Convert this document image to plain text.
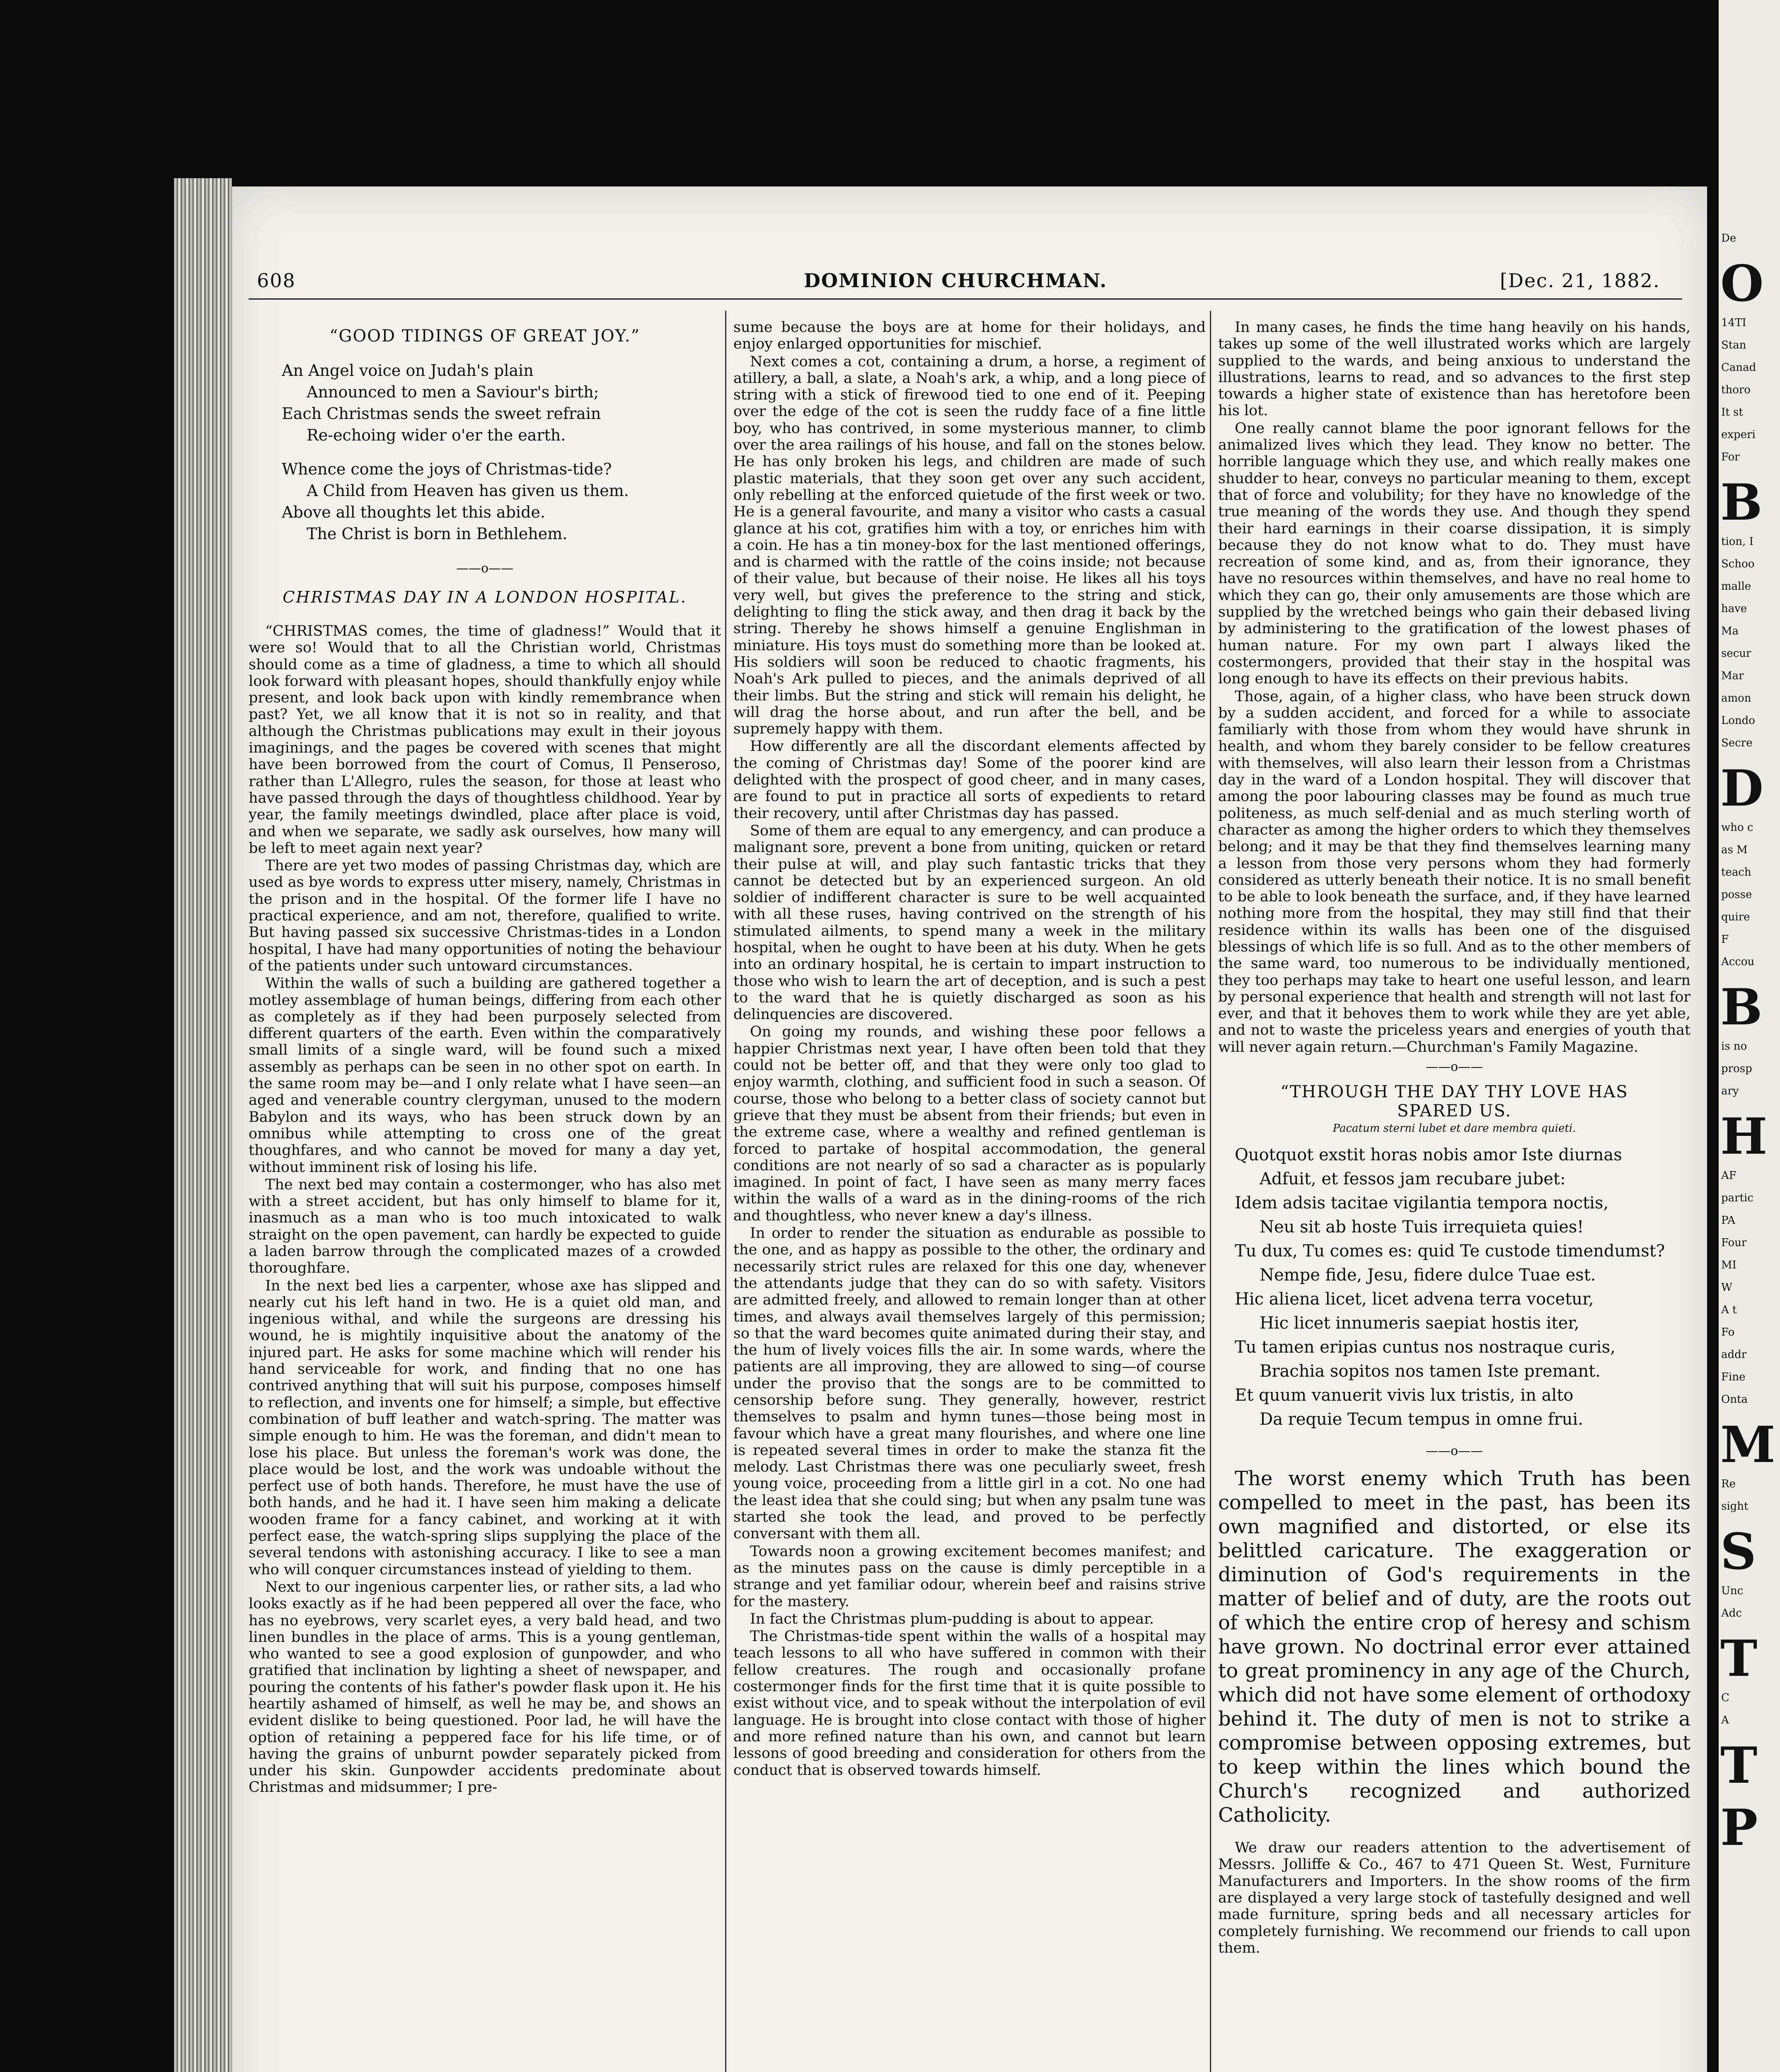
608	DOMINION CHURCHMAN.	[Dec. 21, 1882.
“GOOD TIDINGS OF GREAT JOY.”
An Angel voice on Judah's plain
Announced to men a Saviour's birth;
Each Christmas sends the sweet refrain
Re-echoing wider o'er the earth.
Whence come the joys of Christmas-tide?
A Child from Heaven has given us them.
Above all thoughts let this abide.
The Christ is born in Bethlehem.
——o——
CHRISTMAS DAY IN A LONDON HOSPITAL.

“CHRISTMAS comes, the time of gladness!” Would that it were so! Would that to all the Christian world, Christmas should come as a time of gladness, a time to which all should look forward with pleasant hopes, should thankfully enjoy while present, and look back upon with kindly remembrance when past? Yet, we all know that it is not so in reality, and that although the Christmas publications may exult in their joyous imaginings, and the pages be covered with scenes that might have been borrowed from the court of Comus, Il Penseroso, rather than L'Allegro, rules the season, for those at least who have passed through the days of thoughtless childhood. Year by year, the family meetings dwindled, place after place is void, and when we separate, we sadly ask ourselves, how many will be left to meet again next year?

There are yet two modes of passing Christmas day, which are used as bye words to express utter misery, namely, Christmas in the prison and in the hospital. Of the former life I have no practical experience, and am not, therefore, qualified to write. But having passed six successive Christmas-tides in a London hospital, I have had many opportunities of noting the behaviour of the patients under such untoward circumstances.

Within the walls of such a building are gathered together a motley assemblage of human beings, differing from each other as completely as if they had been purposely selected from different quarters of the earth. Even within the comparatively small limits of a single ward, will be found such a mixed assembly as perhaps can be seen in no other spot on earth. In the same room may be—and I only relate what I have seen—an aged and venerable country clergyman, unused to the modern Babylon and its ways, who has been struck down by an omnibus while attempting to cross one of the great thoughfares, and who cannot be moved for many a day yet, without imminent risk of losing his life.

The next bed may contain a costermonger, who has also met with a street accident, but has only himself to blame for it, inasmuch as a man who is too much intoxicated to walk straight on the open pavement, can hardly be expected to guide a laden barrow through the complicated mazes of a crowded thoroughfare.

In the next bed lies a carpenter, whose axe has slipped and nearly cut his left hand in two. He is a quiet old man, and ingenious withal, and while the surgeons are dressing his wound, he is mightily inquisitive about the anatomy of the injured part. He asks for some machine which will render his hand serviceable for work, and finding that no one has contrived anything that will suit his purpose, composes himself to reflection, and invents one for himself; a simple, but effective combination of buff leather and watch-spring. The matter was simple enough to him. He was the foreman, and didn't mean to lose his place. But unless the foreman's work was done, the place would be lost, and the work was undoable without the perfect use of both hands. Therefore, he must have the use of both hands, and he had it. I have seen him making a delicate wooden frame for a fancy cabinet, and working at it with perfect ease, the watch-spring slips supplying the place of the several tendons with astonishing accuracy. I like to see a man who will conquer circumstances instead of yielding to them.

Next to our ingenious carpenter lies, or rather sits, a lad who looks exactly as if he had been peppered all over the face, who has no eyebrows, very scarlet eyes, a very bald head, and two linen bundles in the place of arms. This is a young gentleman, who wanted to see a good explosion of gunpowder, and who gratified that inclination by lighting a sheet of newspaper, and pouring the contents of his father's powder flask upon it. He his heartily ashamed of himself, as well he may be, and shows an evident dislike to being questioned. Poor lad, he will have the option of retaining a peppered face for his life time, or of having the grains of unburnt powder separately picked from under his skin. Gunpowder accidents predominate about Christmas and midsummer; I pre-

sume because the boys are at home for their holidays, and enjoy enlarged opportunities for mischief.

Next comes a cot, containing a drum, a horse, a regiment of atillery, a ball, a slate, a Noah's ark, a whip, and a long piece of string with a stick of firewood tied to one end of it. Peeping over the edge of the cot is seen the ruddy face of a fine little boy, who has contrived, in some mysterious manner, to climb over the area railings of his house, and fall on the stones below. He has only broken his legs, and children are made of such plastic materials, that they soon get over any such accident, only rebelling at the enforced quietude of the first week or two. He is a general favourite, and many a visitor who casts a casual glance at his cot, gratifies him with a toy, or enriches him with a coin. He has a tin money-box for the last mentioned offerings, and is charmed with the rattle of the coins inside; not because of their value, but because of their noise. He likes all his toys very well, but gives the preference to the string and stick, delighting to fling the stick away, and then drag it back by the string. Thereby he shows himself a genuine Englishman in miniature. His toys must do something more than be looked at. His soldiers will soon be reduced to chaotic fragments, his Noah's Ark pulled to pieces, and the animals deprived of all their limbs. But the string and stick will remain his delight, he will drag the horse about, and run after the bell, and be supremely happy with them.

How differently are all the discordant elements affected by the coming of Christmas day! Some of the poorer kind are delighted with the prospect of good cheer, and in many cases, are found to put in practice all sorts of expedients to retard their recovery, until after Christmas day has passed.

Some of them are equal to any emergency, and can produce a malignant sore, prevent a bone from uniting, quicken or retard their pulse at will, and play such fantastic tricks that they cannot be detected but by an experienced surgeon. An old soldier of indifferent character is sure to be well acquainted with all these ruses, having contrived on the strength of his stimulated ailments, to spend many a week in the military hospital, when he ought to have been at his duty. When he gets into an ordinary hospital, he is certain to impart instruction to those who wish to learn the art of deception, and is such a pest to the ward that he is quietly discharged as soon as his delinquencies are discovered.

On going my rounds, and wishing these poor fellows a happier Christmas next year, I have often been told that they could not be better off, and that they were only too glad to enjoy warmth, clothing, and sufficient food in such a season. Of course, those who belong to a better class of society cannot but grieve that they must be absent from their friends; but even in the extreme case, where a wealthy and refined gentleman is forced to partake of hospital accommodation, the general conditions are not nearly of so sad a character as is popularly imagined. In point of fact, I have seen as many merry faces within the walls of a ward as in the dining-rooms of the rich and thoughtless, who never knew a day's illness.

In order to render the situation as endurable as possible to the one, and as happy as possible to the other, the ordinary and necessarily strict rules are relaxed for this one day, whenever the attendants judge that they can do so with safety. Visitors are admitted freely, and allowed to remain longer than at other times, and always avail themselves largely of this permission; so that the ward becomes quite animated during their stay, and the hum of lively voices fills the air. In some wards, where the patients are all improving, they are allowed to sing—of course under the proviso that the songs are to be committed to censorship before sung. They generally, however, restrict themselves to psalm and hymn tunes—those being most in favour which have a great many flourishes, and where one line is repeated several times in order to make the stanza fit the melody. Last Christmas there was one peculiarly sweet, fresh young voice, proceeding from a little girl in a cot. No one had the least idea that she could sing; but when any psalm tune was started she took the lead, and proved to be perfectly conversant with them all.

Towards noon a growing excitement becomes manifest; and as the minutes pass on the cause is dimly perceptible in a strange and yet familiar odour, wherein beef and raisins strive for the mastery.

In fact the Christmas plum-pudding is about to appear.

The Christmas-tide spent within the walls of a hospital may teach lessons to all who have suffered in common with their fellow creatures. The rough and occasionally profane costermonger finds for the first time that it is quite possible to exist without vice, and to speak without the interpolation of evil language. He is brought into close contact with those of higher and more refined nature than his own, and cannot but learn lessons of good breeding and consideration for others from the conduct that is observed towards himself.

In many cases, he finds the time hang heavily on his hands, takes up some of the well illustrated works which are largely supplied to the wards, and being anxious to understand the illustrations, learns to read, and so advances to the first step towards a higher state of existence than has heretofore been his lot.

One really cannot blame the poor ignorant fellows for the animalized lives which they lead. They know no better. The horrible language which they use, and which really makes one shudder to hear, conveys no particular meaning to them, except that of force and volubility; for they have no knowledge of the true meaning of the words they use. And though they spend their hard earnings in their coarse dissipation, it is simply because they do not know what to do. They must have recreation of some kind, and as, from their ignorance, they have no resources within themselves, and have no real home to which they can go, their only amusements are those which are supplied by the wretched beings who gain their debased living by administering to the gratification of the lowest phases of human nature. For my own part I always liked the costermongers, provided that their stay in the hospital was long enough to have its effects on their previous habits.

Those, again, of a higher class, who have been struck down by a sudden accident, and forced for a while to associate familiarly with those from whom they would have shrunk in health, and whom they barely consider to be fellow creatures with themselves, will also learn their lesson from a Christmas day in the ward of a London hospital. They will discover that among the poor labouring classes may be found as much true politeness, as much self-denial and as much sterling worth of character as among the higher orders to which they themselves belong; and it may be that they find themselves learning many a lesson from those very persons whom they had formerly considered as utterly beneath their notice. It is no small benefit to be able to look beneath the surface, and, if they have learned nothing more from the hospital, they may still find that their residence within its walls has been one of the disguised blessings of which life is so full. And as to the other members of the same ward, too numerous to be individually mentioned, they too perhaps may take to heart one useful lesson, and learn by personal experience that health and strength will not last for ever, and that it behoves them to work while they are yet able, and not to waste the priceless years and energies of youth that will never again return.—Churchman's Family Magazine.

——o——
“THROUGH THE DAY THY LOVE HAS
SPARED US.
Pacatum sterni lubet et dare membra quieti.
Quotquot exstit horas nobis amor Iste diurnas
Adfuit, et fessos jam recubare jubet:
Idem adsis tacitae vigilantia tempora noctis,
Neu sit ab hoste Tuis irrequieta quies!
Tu dux, Tu comes es: quid Te custode timendumst?
Nempe fide, Jesu, fidere dulce Tuae est.
Hic aliena licet, licet advena terra vocetur,
Hic licet innumeris saepiat hostis iter,
Tu tamen eripias cuntus nos nostraque curis,
Brachia sopitos nos tamen Iste premant.
Et quum vanuerit vivis lux tristis, in alto
Da requie Tecum tempus in omne frui.
——o——

The worst enemy which Truth has been compelled to meet in the past, has been its own magnified and distorted, or else its belittled caricature. The exaggeration or diminution of God's requirements in the matter of belief and of duty, are the roots out of which the entire crop of heresy and schism have grown. No doctrinal error ever attained to great prominency in any age of the Church, which did not have some element of orthodoxy behind it. The duty of men is not to strike a compromise between opposing extremes, but to keep within the lines which bound the Church's recognized and authorized Catholicity.

We draw our readers attention to the advertisement of Messrs. Jolliffe & Co., 467 to 471 Queen St. West, Furniture Manufacturers and Importers. In the show rooms of the firm are displayed a very large stock of tastefully designed and well made furniture, spring beds and all necessary articles for completely furnishing. We recommend our friends to call upon them.

De
O
14TI
Stan
Canad
thoro
It st
experi
For
B
tion, I
Schoo
malle
have
Ma
secur
Mar
amon
Londo
Secre
D
who c
as M
teach
posse
quire
F
Accou
B
is no
prosp
ary
H
AF
partic
PA
Four
MI
W
A t
Fo
addr
Fine
Onta
M
Re
sight
S
Unc
Adc
T
C
A
T
P
